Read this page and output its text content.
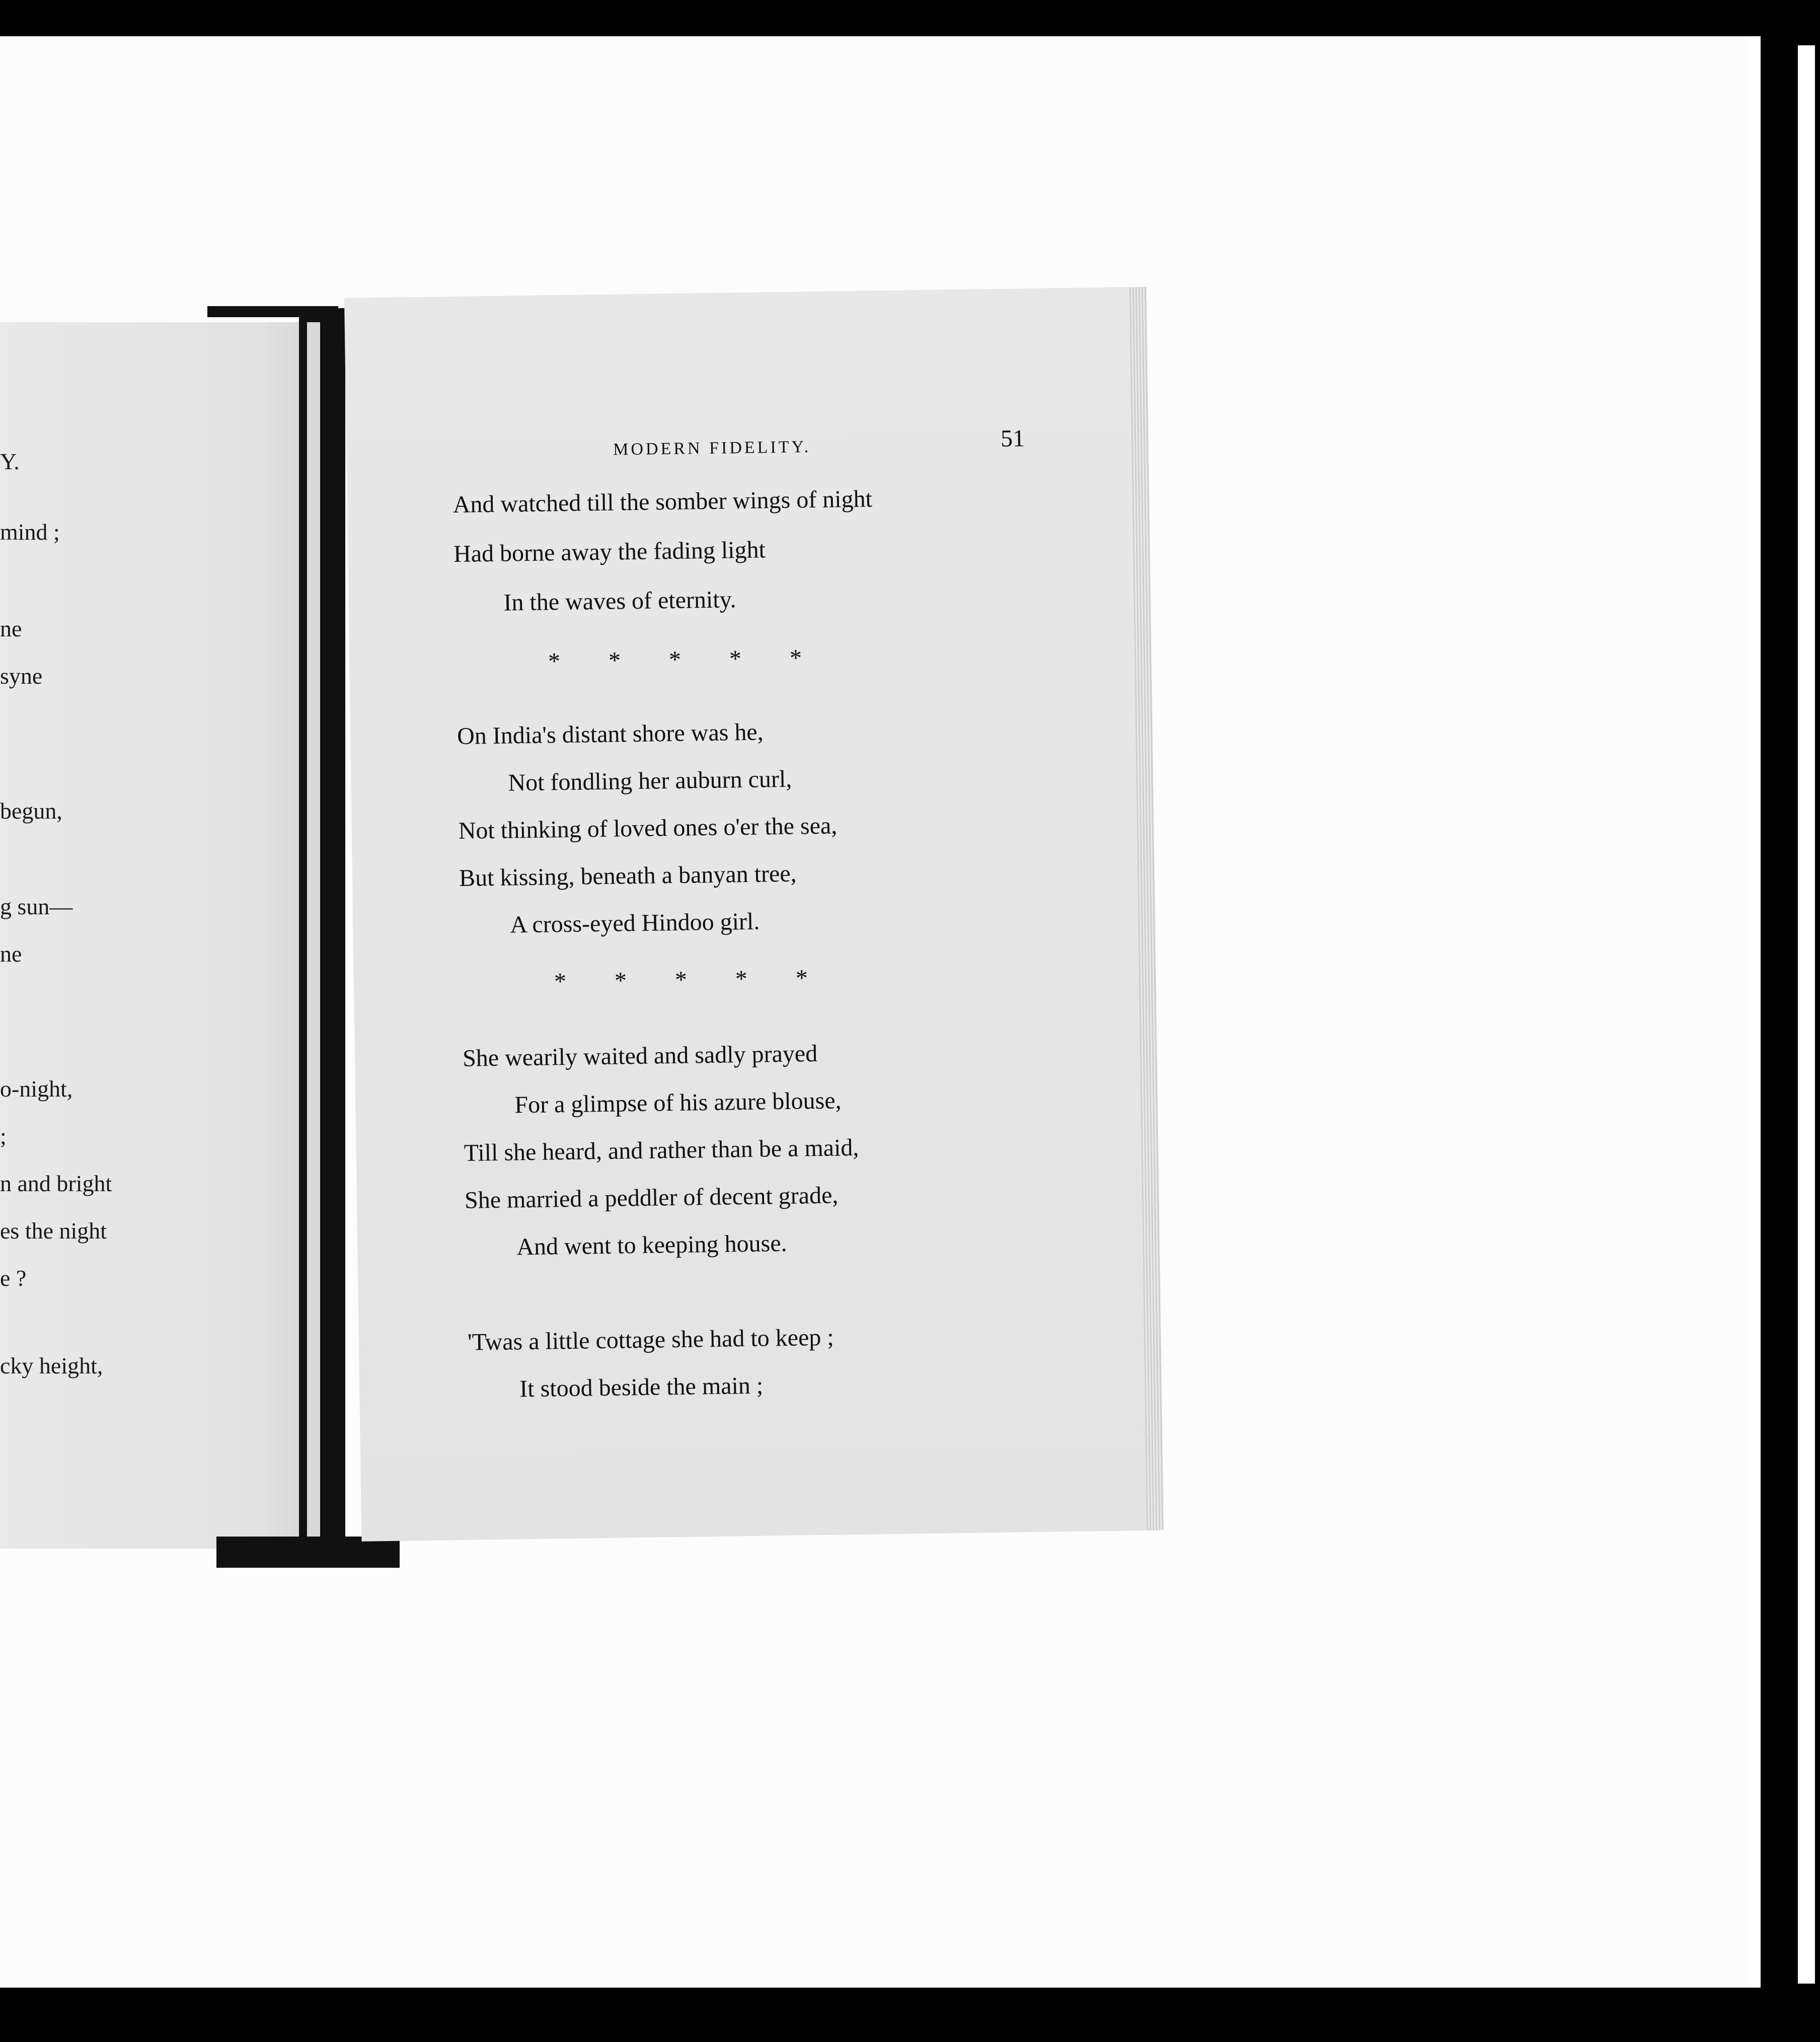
Y.
mind ;
ne
syne
begun,
g sun—
ne
o-night,
;
n and bright
es the night
e ?
cky height,
MODERN FIDELITY.	51
And watched till the somber wings of night
Had borne away the fading light
In the waves of eternity.
*        *        *        *        *
On India's distant shore was he,
Not fondling her auburn curl,
Not thinking of loved ones o'er the sea,
But kissing, beneath a banyan tree,
A cross-eyed Hindoo girl.
*        *        *        *        *
She wearily waited and sadly prayed
For a glimpse of his azure blouse,
Till she heard, and rather than be a maid,
She married a peddler of decent grade,
And went to keeping house.
'Twas a little cottage she had to keep ;
It stood beside the main ;
